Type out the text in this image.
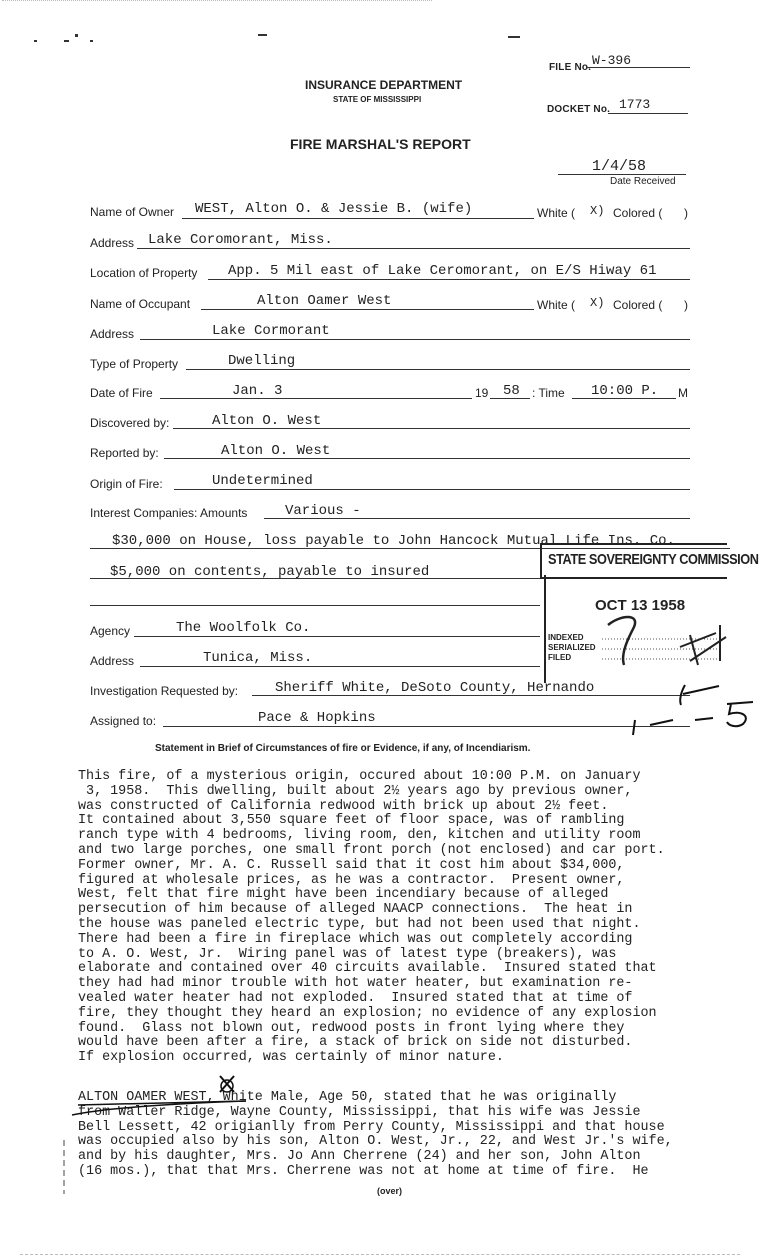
FILE No. W-396
INSURANCE DEPARTMENT
STATE OF MISSISSIPPI
DOCKET No. 1773
FIRE MARSHAL'S REPORT
1/4/58
Date Received
Name of Owner WEST, Alton O. & Jessie B. (wife)	White ( X) Colored ( )
Address Lake Coromorant, Miss.
Location of Property App. 5 Mil east of Lake Ceromorant, on E/S Hiway 61
Name of Occupant	Alton Oamer West	White ( X) Colored ( )
Address	Lake Cormorant
Type of Property	Dwelling
Date of Fire	Jan. 3	19 58 : Time 10:00 P. M
Discovered by:	Alton O. West
Reported by:	Alton O. West
Origin of Fire:	Undetermined
Interest Companies: Amounts	Various -
$30,000 on House, loss payable to John Hancock Mutual Life Ins. Co.
$5,000 on contents, payable to insured
Agency	The Woolfolk Co.
Address	Tunica, Miss.
Investigation Requested by:	Sheriff White, DeSoto County, Hernando
Assigned to:	Pace & Hopkins
STATE SOVEREIGNTY COMMISSION
OCT 13 1958
INDEXED
SERIALIZED
FILED
Statement in Brief of Circumstances of fire or Evidence, if any, of Incendiarism.
This fire, of a mysterious origin, occured about 10:00 P.M. on January
3, 1958.  This dwelling, built about 2½ years ago by previous owner,
was constructed of California redwood with brick up about 2½ feet.
It contained about 3,550 square feet of floor space, was of rambling
ranch type with 4 bedrooms, living room, den, kitchen and utility room
and two large porches, one small front porch (not enclosed) and car port.
Former owner, Mr. A. C. Russell said that it cost him about $34,000,
figured at wholesale prices, as he was a contractor.  Present owner,
West, felt that fire might have been incendiary because of alleged
persecution of him because of alleged NAACP connections.  The heat in
the house was paneled electric type, but had not been used that night.
There had been a fire in fireplace which was out completely according
to A. O. West, Jr.  Wiring panel was of latest type (breakers), was
elaborate and contained over 40 circuits available.  Insured stated that
they had had minor trouble with hot water heater, but examination re-
vealed water heater had not exploded.  Insured stated that at time of
fire, they thought they heard an explosion; no evidence of any explosion
found.  Glass not blown out, redwood posts in front lying where they
would have been after a fire, a stack of brick on side not disturbed.
If explosion occurred, was certainly of minor nature.
ALTON OAMER WEST, White Male, Age 50, stated that he was originally
from Waller Ridge, Wayne County, Mississippi, that his wife was Jessie
Bell Lessett, 42 origianlly from Perry County, Mississippi and that house
was occupied also by his son, Alton O. West, Jr., 22, and West Jr.'s wife,
and by his daughter, Mrs. Jo Ann Cherrene (24) and her son, John Alton
(16 mos.), that that Mrs. Cherrene was not at home at time of fire.  He
(over)
